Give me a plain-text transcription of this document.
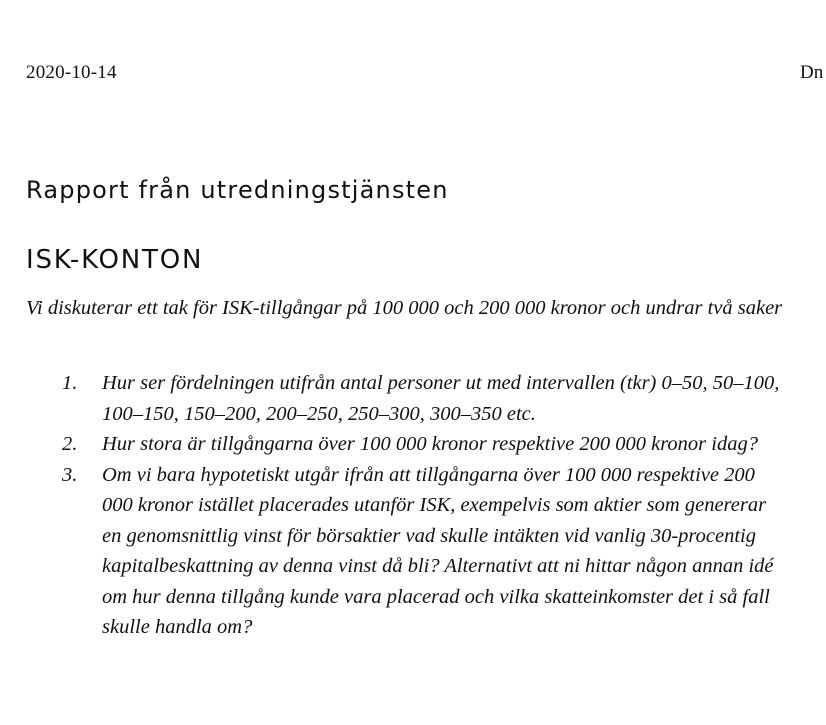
2020-10-14	Dn
Rapport från utredningstjänsten
ISK-KONTON

Vi diskuterar ett tak för ISK-tillgångar på 100 000 och 200 000 kronor och undrar två saker

1.	Hur ser fördelningen utifrån antal personer ut med intervallen (tkr) 0–50, 50–100, 100–150, 150–200, 200–250, 250–300, 300–350 etc.
2.	Hur stora är tillgångarna över 100 000 kronor respektive 200 000 kronor idag?
3.	Om vi bara hypotetiskt utgår ifrån att tillgångarna över 100 000 respektive 200 000 kronor istället placerades utanför ISK, exempelvis som aktier som genererar en genomsnittlig vinst för börsaktier vad skulle intäkten vid vanlig 30-procentig kapitalbeskattning av denna vinst då bli? Alternativt att ni hittar någon annan idé om hur denna tillgång kunde vara placerad och vilka skatteinkomster det i så fall skulle handla om?
